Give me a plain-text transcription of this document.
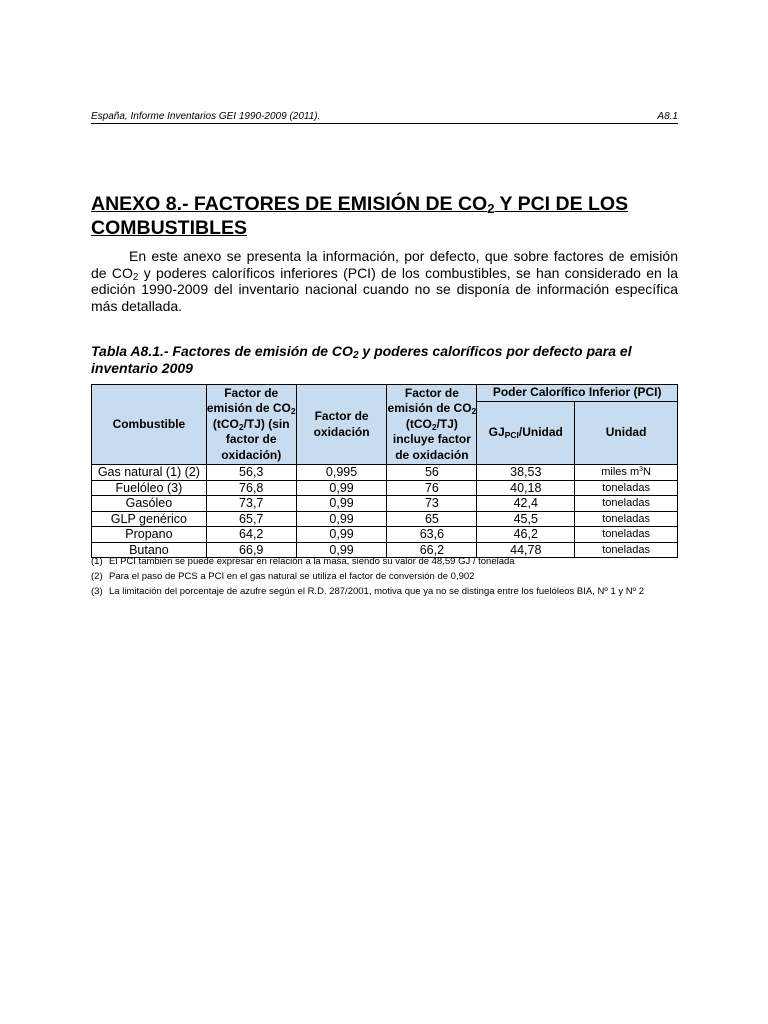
España, Informe Inventarios GEI 1990-2009 (2011).	A8.1
ANEXO 8.- FACTORES DE EMISIÓN DE $CO_2$ Y PCI DE LOS COMBUSTIBLES

En este anexo se presenta la información, por defecto, que sobre factores de emisión de $CO_2$ y poderes caloríficos inferiores (PCI) de los combustibles, se han considerado en la edición 1990-2009 del inventario nacional cuando no se disponía de información específica más detallada.

Tabla A8.1.- Factores de emisión de $CO_2$ y poderes caloríficos por defecto para el inventario 2009

Combustible	Factor de emisión de $CO_2$ (tCO$_2$/TJ) (sin factor de oxidación)	Factor de oxidación	Factor de emisión de $CO_2$ (tCO$_2$/TJ) incluye factor de oxidación	Poder Calorífico Inferior (PCI)	
				$GJ_{PCI}$/Unidad	Unidad
Gas natural (1) (2)	56,3	0,995	56	38,53	miles $m^3N$
Fuelóleo (3)	76,8	0,99	76	40,18	toneladas
Gasóleo	73,7	0,99	73	42,4	toneladas
GLP genérico	65,7	0,99	65	45,5	toneladas
Propano	64,2	0,99	63,6	46,2	toneladas
Butano	66,9	0,99	66,2	44,78	toneladas
(1) El PCI también se puede expresar en relación a la masa, siendo su valor de 48,59 GJ / tonelada
(2) Para el paso de PCS a PCI en el gas natural se utiliza el factor de conversión de 0,902
(3) La limitación del porcentaje de azufre según el R.D. 287/2001, motiva que ya no se distinga entre los fuelóleos BIA, Nº 1 y Nº 2
